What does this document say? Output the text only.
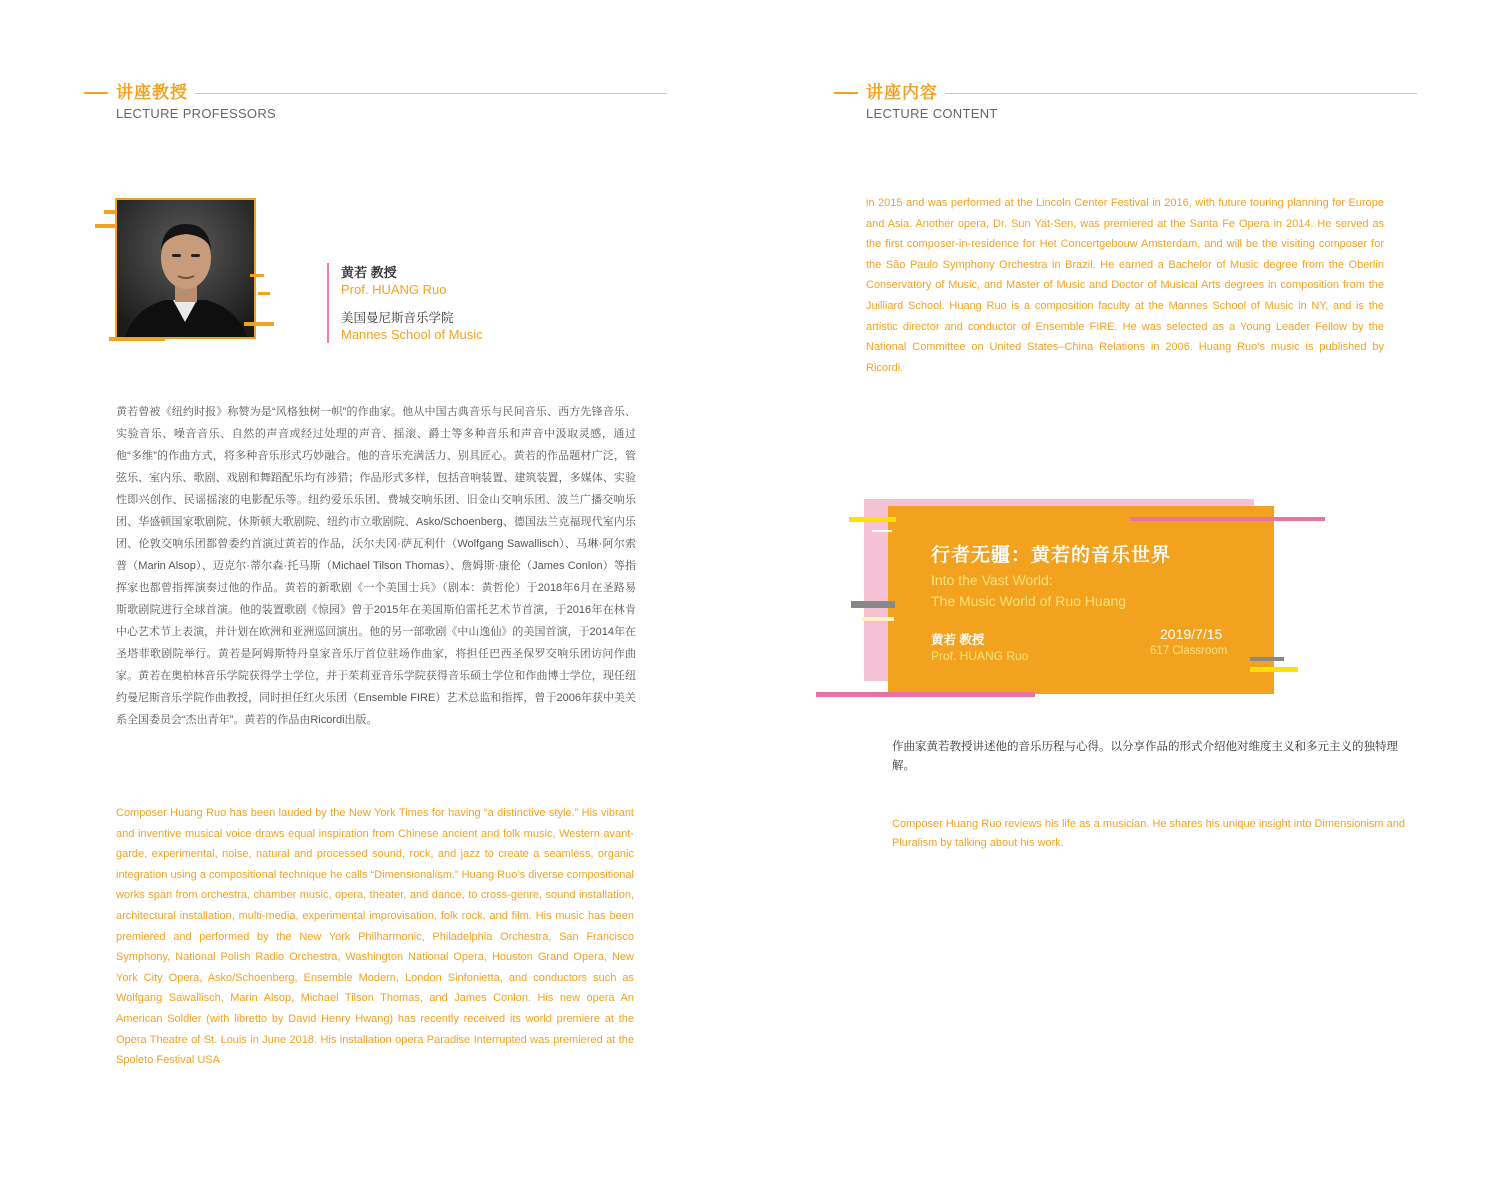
讲座教授
LECTURE PROFESSORS
讲座内容
LECTURE CONTENT
黄若 教授
Prof. HUANG Ruo
美国曼尼斯音乐学院
Mannes School of Music
黄若曾被《纽约时报》称赞为是“风格独树一帜”的作曲家。他从中国古典音乐与民间音乐、西方先锋音乐、实验音乐、噪音音乐、自然的声音或经过处理的声音、摇滚、爵士等多种音乐和声音中汲取灵感，通过他“多维”的作曲方式，将多种音乐形式巧妙融合。他的音乐充满活力、别具匠心。黄若的作品题材广泛，管弦乐、室内乐、歌剧、戏剧和舞蹈配乐均有涉猎；作品形式多样，包括音响装置、建筑装置，多媒体、实验性即兴创作、民谣摇滚的电影配乐等。纽约爱乐乐团、费城交响乐团、旧金山交响乐团、波兰广播交响乐团、华盛顿国家歌剧院、休斯顿大歌剧院、纽约市立歌剧院、Asko/Schoenberg、德国法兰克福现代室内乐团、伦敦交响乐团都曾委约首演过黄若的作品，沃尔夫冈·萨瓦利什（Wolfgang Sawallisch）、马琳·阿尔索普（Marin Alsop）、迈克尔·蒂尔森·托马斯（Michael Tilson Thomas）、詹姆斯·康伦（James Conlon）等指挥家也都曾指挥演奏过他的作品。黄若的新歌剧《一个美国士兵》（剧本：黄哲伦）于2018年6月在圣路易斯歌剧院进行全球首演。他的装置歌剧《惊园》曾于2015年在美国斯伯雷托艺术节首演，于2016年在林肯中心艺术节上表演，并计划在欧洲和亚洲巡回演出。他的另一部歌剧《中山逸仙》的美国首演，于2014年在圣塔菲歌剧院举行。黄若是阿姆斯特丹皇家音乐厅首位驻场作曲家，将担任巴西圣保罗交响乐团访问作曲家。黄若在奥柏林音乐学院获得学士学位，并于茱莉亚音乐学院获得音乐硕士学位和作曲博士学位，现任纽约曼尼斯音乐学院作曲教授，同时担任红火乐团（Ensemble FIRE）艺术总监和指挥，曾于2006年获中美关系全国委员会“杰出青年”。黄若的作品由Ricordi出版。
Composer Huang Ruo has been lauded by the New York Times for having “a distinctive style.” His vibrant and inventive musical voice draws equal inspiration from Chinese ancient and folk music, Western avant-garde, experimental, noise, natural and processed sound, rock, and jazz to create a seamless, organic integration using a compositional technique he calls “Dimensionalism.” Huang Ruo’s diverse compositional works span from orchestra, chamber music, opera, theater, and dance, to cross-genre, sound installation, architectural installation, multi-media, experimental improvisation, folk rock, and film. His music has been premiered and performed by the New York Philharmonic, Philadelphia Orchestra, San Francisco Symphony, National Polish Radio Orchestra, Washington National Opera, Houston Grand Opera, New York City Opera, Asko/Schoenberg, Ensemble Modern, London Sinfonietta, and conductors such as Wolfgang Sawallisch, Marin Alsop, Michael Tilson Thomas, and James Conlon. His new opera An American Soldier (with libretto by David Henry Hwang) has recently received its world premiere at the Opera Theatre of St. Louis in June 2018. His installation opera Paradise Interrupted was premiered at the Spoleto Festival USA
in 2015 and was performed at the Lincoln Center Festival in 2016, with future touring planning for Europe and Asia. Another opera, Dr. Sun Yat-Sen, was premiered at the Santa Fe Opera in 2014. He served as the first composer-in-residence for Het Concertgebouw Amsterdam, and will be the visiting composer for the São Paulo Symphony Orchestra in Brazil. He earned a Bachelor of Music degree from the Oberlin Conservatory of Music, and Master of Music and Doctor of Musical Arts degrees in composition from the Juilliard School. Huang Ruo is a composition faculty at the Mannes School of Music in NY, and is the artistic director and conductor of Ensemble FIRE. He was selected as a Young Leader Fellow by the National Committee on United States–China Relations in 2006. Huang Ruo’s music is published by Ricordi.
行者无疆：黄若的音乐世界
Into the Vast World:
The Music World of Ruo Huang
黄若 教授
Prof. HUANG Ruo
2019/7/15
617 Classroom
作曲家黄若教授讲述他的音乐历程与心得。以分享作品的形式介绍他对维度主义和多元主义的独特理解。
Composer Huang Ruo reviews his life as a musician. He shares his unique insight into Dimensionism and Pluralism by talking about his work.
